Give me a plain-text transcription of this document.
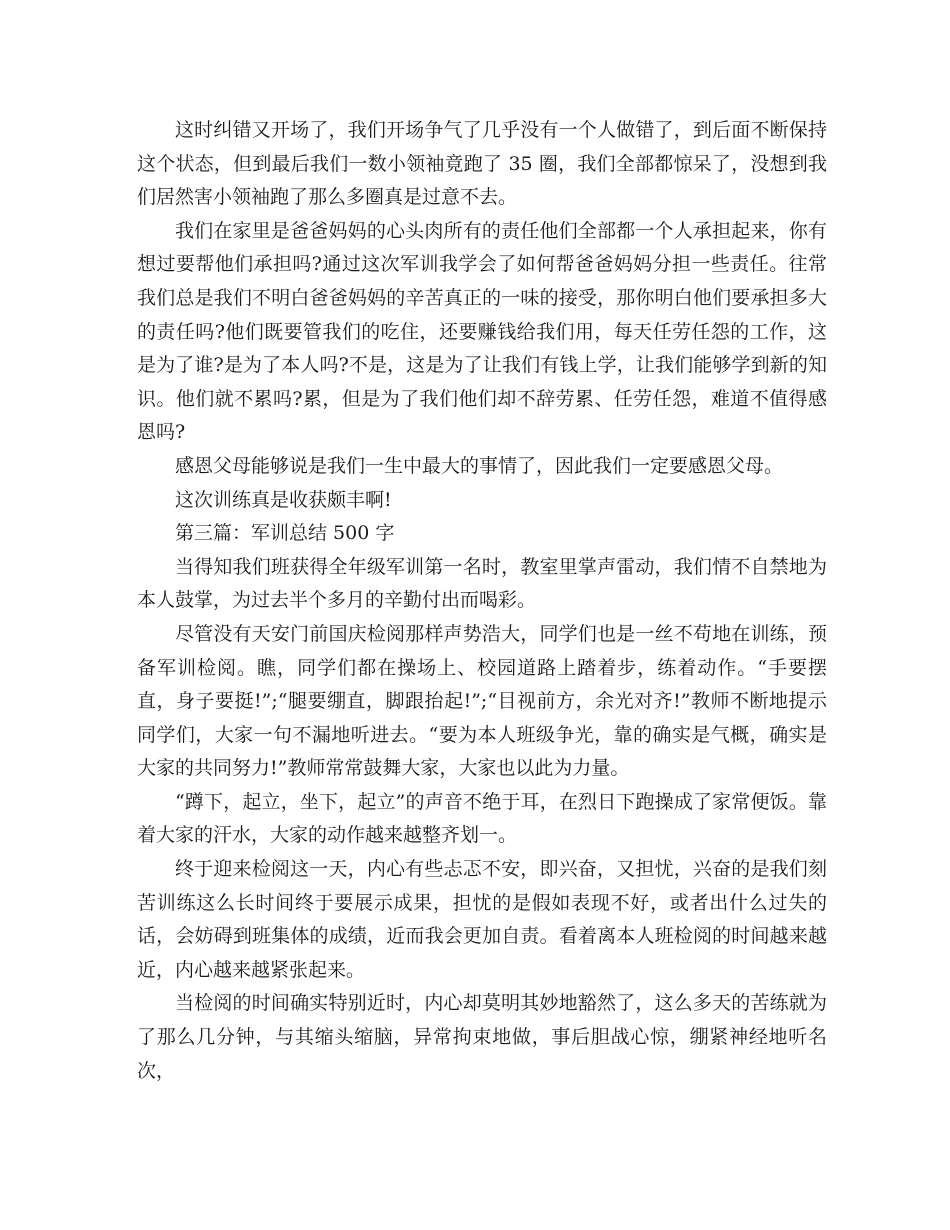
这时纠错又开场了，我们开场争气了几乎没有一个人做错了，到后面不断保持这个状态，但到最后我们一数小领袖竟跑了 35 圈，我们全部都惊呆了，没想到我们居然害小领袖跑了那么多圈真是过意不去。

我们在家里是爸爸妈妈的心头肉所有的责任他们全部都一个人承担起来，你有想过要帮他们承担吗?通过这次军训我学会了如何帮爸爸妈妈分担一些责任。往常我们总是我们不明白爸爸妈妈的辛苦真正的一味的接受，那你明白他们要承担多大的责任吗?他们既要管我们的吃住，还要赚钱给我们用，每天任劳任怨的工作，这是为了谁?是为了本人吗?不是，这是为了让我们有钱上学，让我们能够学到新的知识。他们就不累吗?累，但是为了我们他们却不辞劳累、任劳任怨，难道不值得感恩吗?

感恩父母能够说是我们一生中最大的事情了，因此我们一定要感恩父母。

这次训练真是收获颇丰啊!

第三篇：军训总结 500 字

当得知我们班获得全年级军训第一名时，教室里掌声雷动，我们情不自禁地为本人鼓掌，为过去半个多月的辛勤付出而喝彩。

尽管没有天安门前国庆检阅那样声势浩大，同学们也是一丝不苟地在训练，预备军训检阅。瞧，同学们都在操场上、校园道路上踏着步，练着动作。“手要摆直，身子要挺!”;“腿要绷直，脚跟抬起!”;“目视前方，余光对齐!”教师不断地提示同学们，大家一句不漏地听进去。“要为本人班级争光，靠的确实是气概，确实是大家的共同努力!”教师常常鼓舞大家，大家也以此为力量。

“蹲下，起立，坐下，起立”的声音不绝于耳，在烈日下跑操成了家常便饭。靠着大家的汗水，大家的动作越来越整齐划一。

终于迎来检阅这一天，内心有些忐忑不安，即兴奋，又担忧，兴奋的是我们刻苦训练这么长时间终于要展示成果，担忧的是假如表现不好，或者出什么过失的话，会妨碍到班集体的成绩，近而我会更加自责。看着离本人班检阅的时间越来越近，内心越来越紧张起来。

当检阅的时间确实特别近时，内心却莫明其妙地豁然了，这么多天的苦练就为了那么几分钟，与其缩头缩脑，异常拘束地做，事后胆战心惊，绷紧神经地听名次，
